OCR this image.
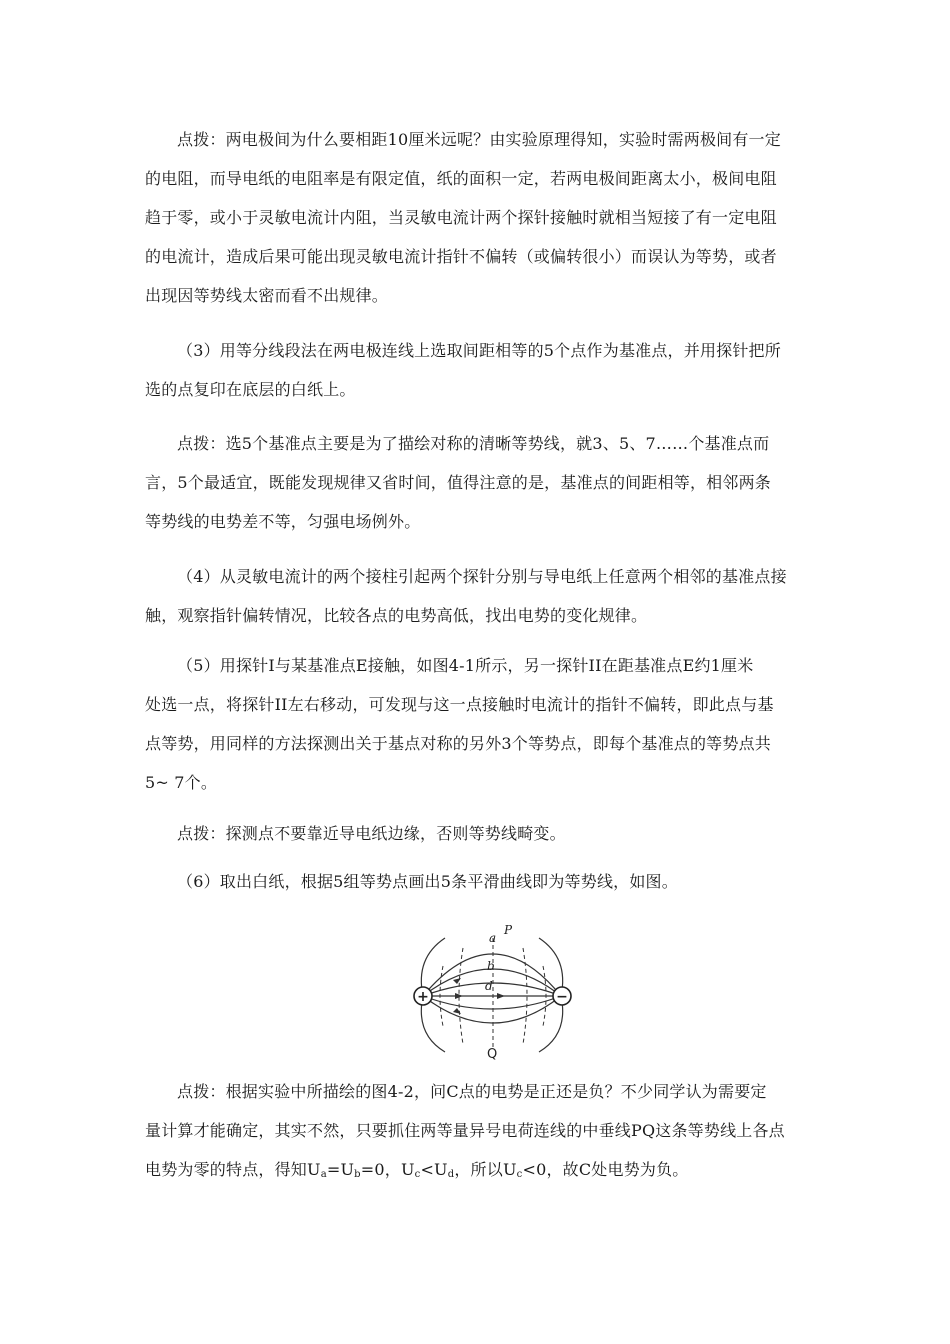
点拨：两电极间为什么要相距10厘米远呢？由实验原理得知，实验时需两极间有一定
的电阻，而导电纸的电阻率是有限定值，纸的面积一定，若两电极间距离太小，极间电阻
趋于零，或小于灵敏电流计内阻，当灵敏电流计两个探针接触时就相当短接了有一定电阻
的电流计，造成后果可能出现灵敏电流计指针不偏转（或偏转很小）而误认为等势，或者
出现因等势线太密而看不出规律。

（3）用等分线段法在两电极连线上选取间距相等的5个点作为基准点，并用探针把所
选的点复印在底层的白纸上。

点拨：选5个基准点主要是为了描绘对称的清晰等势线，就3、5、7……个基准点而
言，5个最适宜，既能发现规律又省时间，值得注意的是，基准点的间距相等，相邻两条
等势线的电势差不等，匀强电场例外。

（4）从灵敏电流计的两个接柱引起两个探针分别与导电纸上任意两个相邻的基准点接
触，观察指针偏转情况，比较各点的电势高低，找出电势的变化规律。

（5）用探针I与某基准点E接触，如图4-1所示，另一探针II在距基准点E约1厘米
处选一点，将探针II左右移动，可发现与这一点接触时电流计的指针不偏转，即此点与基
点等势，用同样的方法探测出关于基点对称的另外3个等势点，即每个基准点的等势点共
5~ 7个。

点拨：探测点不要靠近导电纸边缘，否则等势线畸变。

（6）取出白纸，根据5组等势点画出5条平滑曲线即为等势线，如图。

+	−
a
P
b
d
Q

点拨：根据实验中所描绘的图4-2，问C点的电势是正还是负？不少同学认为需要定
量计算才能确定，其实不然，只要抓住两等量异号电荷连线的中垂线PQ这条等势线上各点
电势为零的特点，得知$U_a=U_b=0$，$U_c<U_d$，所以$U_c<0$，故C处电势为负。
